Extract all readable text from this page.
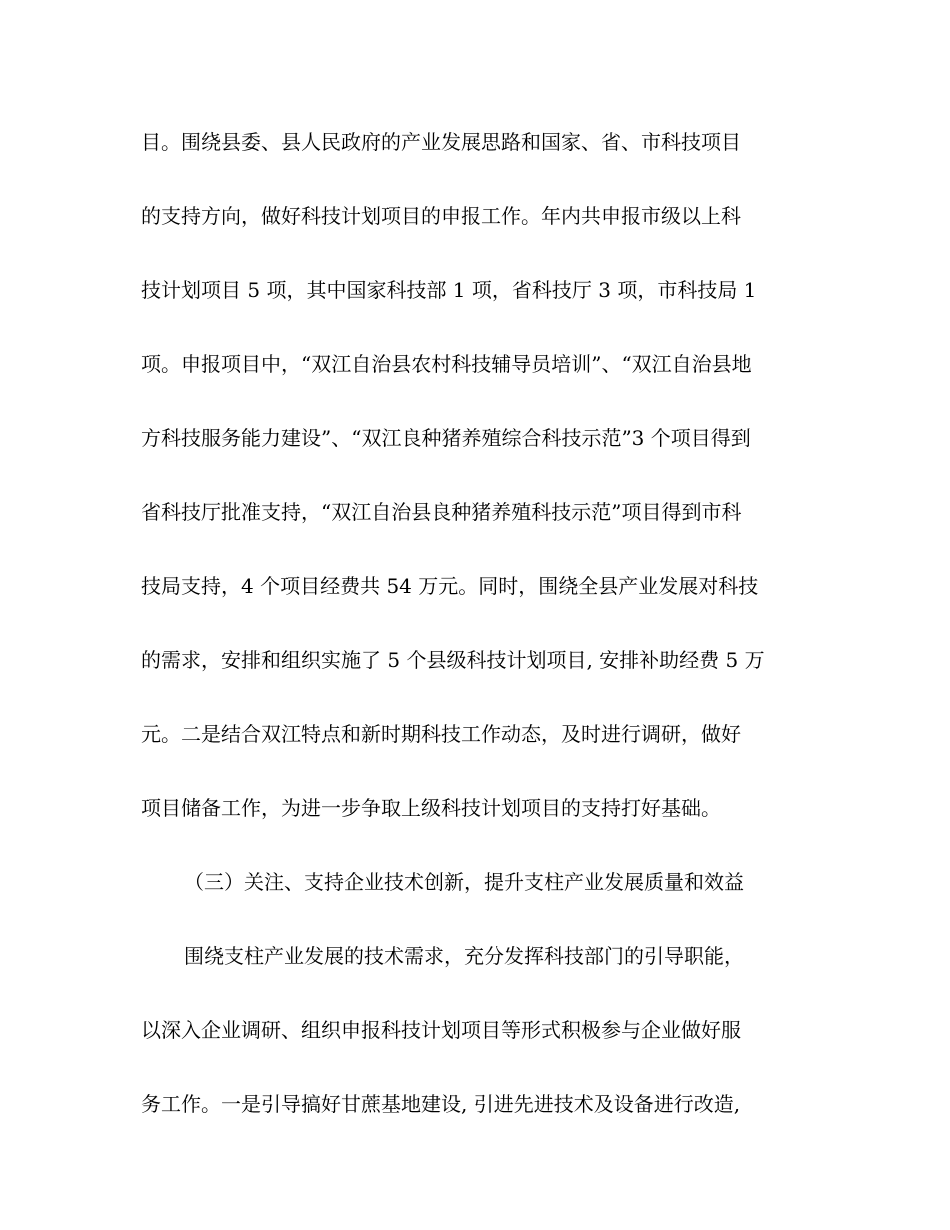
目。围绕县委、县人民政府的产业发展思路和国家、省、市科技项目
的支持方向，做好科技计划项目的申报工作。年内共申报市级以上科
技计划项目 5 项，其中国家科技部 1 项，省科技厅 3 项，市科技局 1
项。申报项目中，“双江自治县农村科技辅导员培训”、“双江自治县地
方科技服务能力建设”、“双江良种猪养殖综合科技示范”3 个项目得到
省科技厅批准支持，“双江自治县良种猪养殖科技示范”项目得到市科
技局支持，4 个项目经费共 54 万元。同时，围绕全县产业发展对科技
的需求，安排和组织实施了 5 个县级科技计划项目, 安排补助经费 5 万
元。二是结合双江特点和新时期科技工作动态，及时进行调研，做好
项目储备工作，为进一步争取上级科技计划项目的支持打好基础。
（三）关注、支持企业技术创新，提升支柱产业发展质量和效益
围绕支柱产业发展的技术需求，充分发挥科技部门的引导职能，
以深入企业调研、组织申报科技计划项目等形式积极参与企业做好服
务工作。一是引导搞好甘蔗基地建设, 引进先进技术及设备进行改造,
